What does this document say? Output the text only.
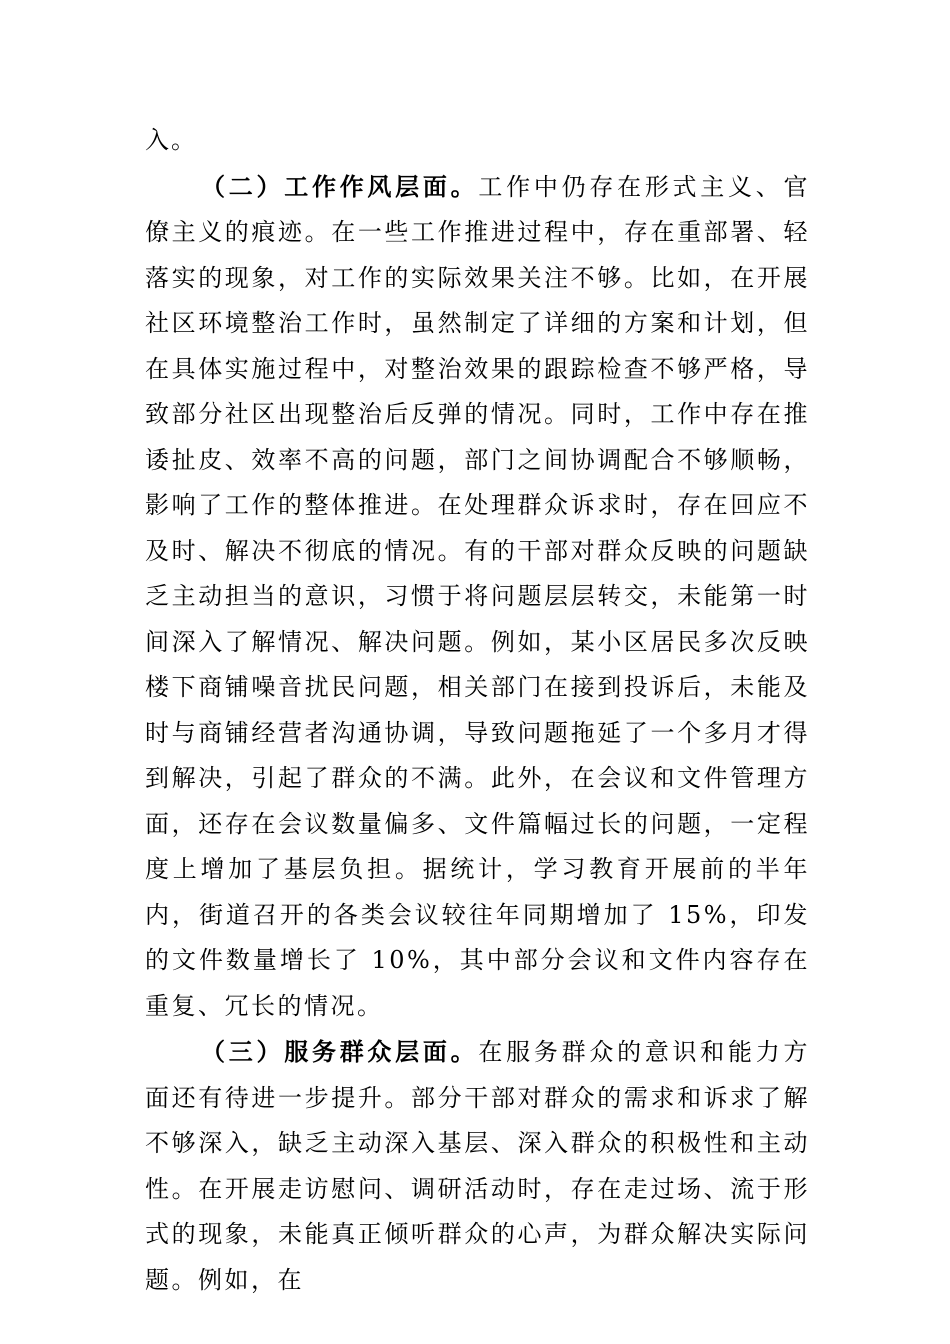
入。

（二）工作作风层面。工作中仍存在形式主义、官僚主义的痕迹。在一些工作推进过程中，存在重部署、轻落实的现象，对工作的实际效果关注不够。比如，在开展社区环境整治工作时，虽然制定了详细的方案和计划，但在具体实施过程中，对整治效果的跟踪检查不够严格，导致部分社区出现整治后反弹的情况。同时，工作中存在推诿扯皮、效率不高的问题，部门之间协调配合不够顺畅，影响了工作的整体推进。在处理群众诉求时，存在回应不及时、解决不彻底的情况。有的干部对群众反映的问题缺乏主动担当的意识，习惯于将问题层层转交，未能第一时间深入了解情况、解决问题。例如，某小区居民多次反映楼下商铺噪音扰民问题，相关部门在接到投诉后，未能及时与商铺经营者沟通协调，导致问题拖延了一个多月才得到解决，引起了群众的不满。此外，在会议和文件管理方面，还存在会议数量偏多、文件篇幅过长的问题，一定程度上增加了基层负担。据统计，学习教育开展前的半年内，街道召开的各类会议较往年同期增加了 15%，印发的文件数量增长了 10%，其中部分会议和文件内容存在重复、冗长的情况。

（三）服务群众层面。在服务群众的意识和能力方面还有待进一步提升。部分干部对群众的需求和诉求了解不够深入，缺乏主动深入基层、深入群众的积极性和主动性。在开展走访慰问、调研活动时，存在走过场、流于形式的现象，未能真正倾听群众的心声，为群众解决实际问题。例如，在
